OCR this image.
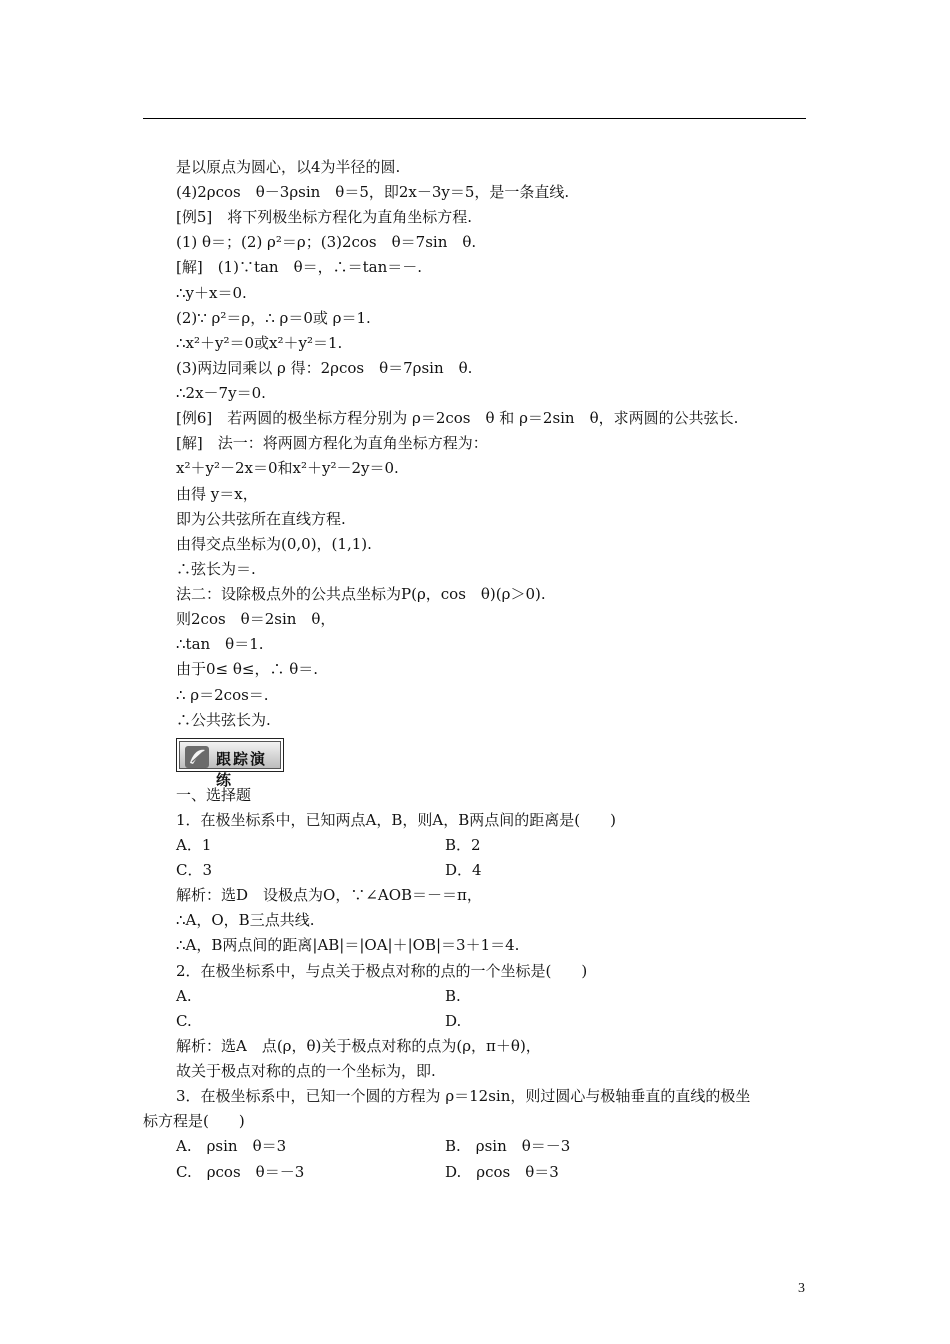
是以原点为圆心，以4为半径的圆.
(4)2ρcos　θ－3ρsin　θ＝5，即2x－3y＝5，是一条直线.
[例5]　将下列极坐标方程化为直角坐标方程.
(1) θ＝；(2) ρ²＝ρ；(3)2cos　θ＝7sin　θ.
[解]　(1)∵tan　θ＝，∴＝tan＝－.
∴y＋x＝0.
(2)∵ ρ²＝ρ，∴ ρ＝0或 ρ＝1.
∴x²＋y²＝0或x²＋y²＝1.
(3)两边同乘以 ρ 得：2ρcos　θ＝7ρsin　θ.
∴2x－7y＝0.
[例6]　若两圆的极坐标方程分别为 ρ＝2cos　θ 和 ρ＝2sin　θ，求两圆的公共弦长.
[解]　法一：将两圆方程化为直角坐标方程为：
x²＋y²－2x＝0和x²＋y²－2y＝0.
由得 y＝x，
即为公共弦所在直线方程.
由得交点坐标为(0,0)，(1,1).
∴弦长为＝.
法二：设除极点外的公共点坐标为P(ρ，cos　θ)(ρ＞0).
则2cos　θ＝2sin　θ，
∴tan　θ＝1.
由于0≤ θ≤，∴ θ＝.
∴ ρ＝2cos＝.
∴公共弦长为.
跟踪演练
一、选择题
1．在极坐标系中，已知两点A，B，则A，B两点间的距离是(　　)
A．1	B．2
C．3	D．4
解析：选D　设极点为O，∵∠AOB＝－＝π，
∴A，O，B三点共线.
∴A，B两点间的距离|AB|＝|OA|＋|OB|＝3＋1＝4.
2．在极坐标系中，与点关于极点对称的点的一个坐标是(　　)
A.	B.
C.	D.
解析：选A　点(ρ，θ)关于极点对称的点为(ρ，π＋θ)，
故关于极点对称的点的一个坐标为，即.
3．在极坐标系中，已知一个圆的方程为 ρ＝12sin，则过圆心与极轴垂直的直线的极坐
标方程是(　　)
A.　ρsin　θ＝3	B.　ρsin　θ＝－3
C.　ρcos　θ＝－3	D.　ρcos　θ＝3
3
